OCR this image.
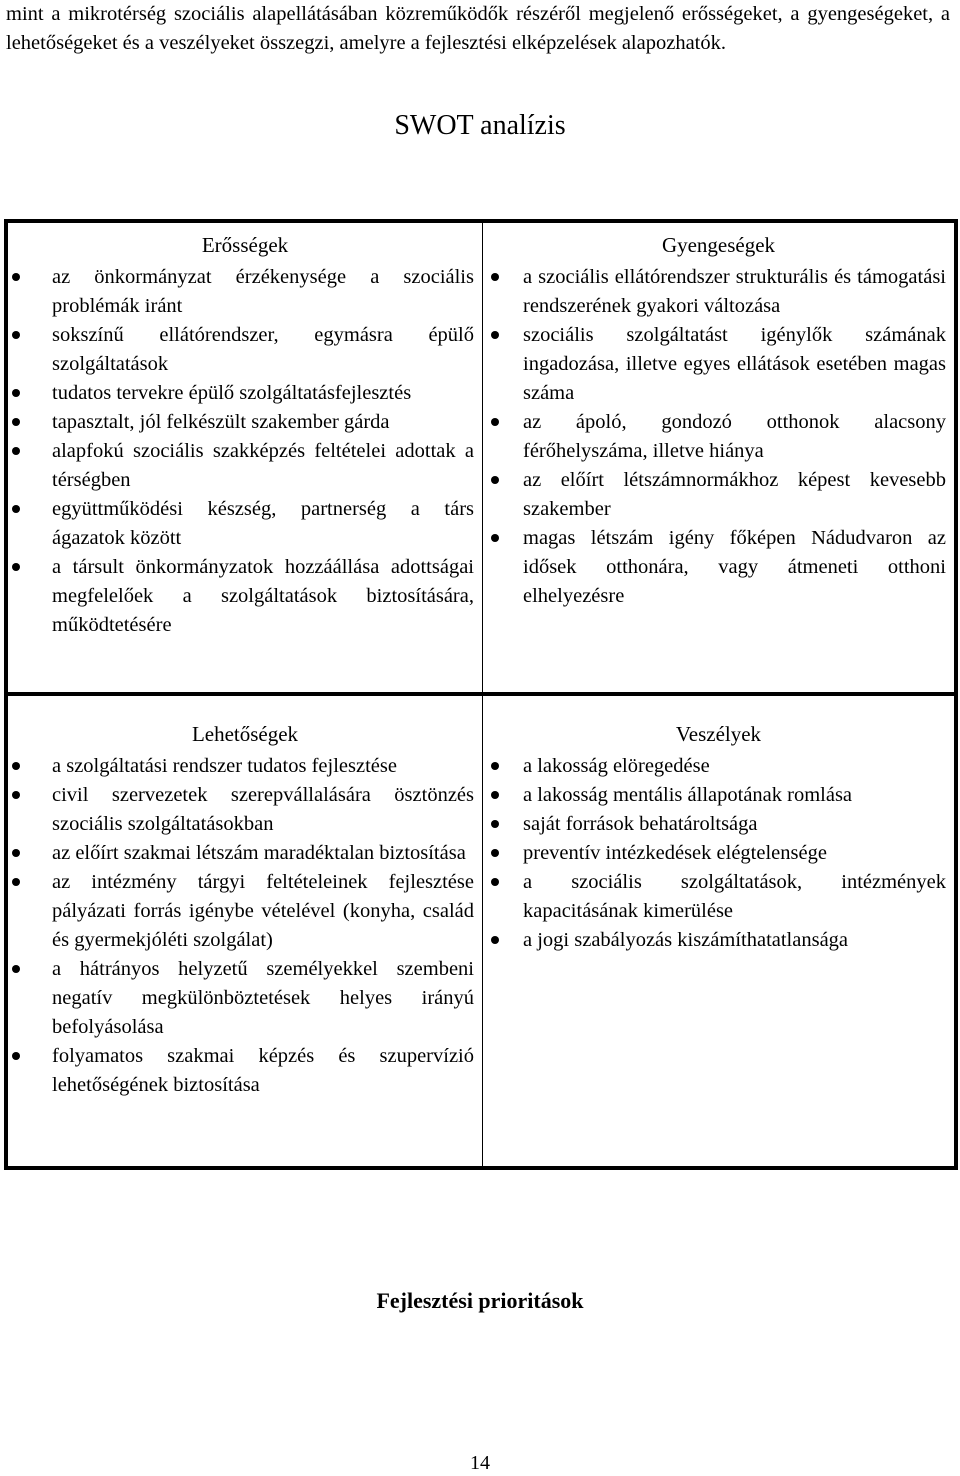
mint a mikrotérség szociális alapellátásában közreműködők részéről megjelenő erősségeket, a gyengeségeket, a lehetőségeket és a veszélyeket összegzi, amelyre a fejlesztési elképzelések alapozhatók.
SWOT analízis
Erősségek
az önkormányzat érzékenysége a szociális problémák iránt
sokszínű ellátórendszer, egymásra épülő szolgáltatások
tudatos tervekre épülő szolgáltatásfejlesztés
tapasztalt, jól felkészült szakember gárda
alapfokú szociális szakképzés feltételei adottak a térségben
együttműködési készség, partnerség a társ ágazatok között
a társult önkormányzatok hozzáállása adottságai megfelelőek a szolgáltatások biztosítására, működtetésére
Gyengeségek
a szociális ellátórendszer strukturális és támogatási rendszerének gyakori változása
szociális szolgáltatást igénylők számának ingadozása, illetve egyes ellátások esetében magas száma
az ápoló, gondozó otthonok alacsony férőhelyszáma, illetve hiánya
az előírt létszámnormákhoz képest kevesebb szakember
magas létszám igény főképen Nádudvaron az idősek otthonára, vagy átmeneti otthoni elhelyezésre
Lehetőségek
a szolgáltatási rendszer tudatos fejlesztése
civil szervezetek szerepvállalására ösztönzés szociális szolgáltatásokban
az előírt szakmai létszám maradéktalan biztosítása
az intézmény tárgyi feltételeinek fejlesztése pályázati forrás igénybe vételével (konyha, család és gyermekjóléti szolgálat)
a hátrányos helyzetű személyekkel szembeni negatív megkülönböztetések helyes irányú befolyásolása
folyamatos szakmai képzés és szupervízió lehetőségének biztosítása
Veszélyek
a lakosság elöregedése
a lakosság mentális állapotának romlása
saját források behatároltsága
preventív intézkedések elégtelensége
a szociális szolgáltatások, intézmények kapacitásának kimerülése
a jogi szabályozás kiszámíthatatlansága
Fejlesztési prioritások
14
